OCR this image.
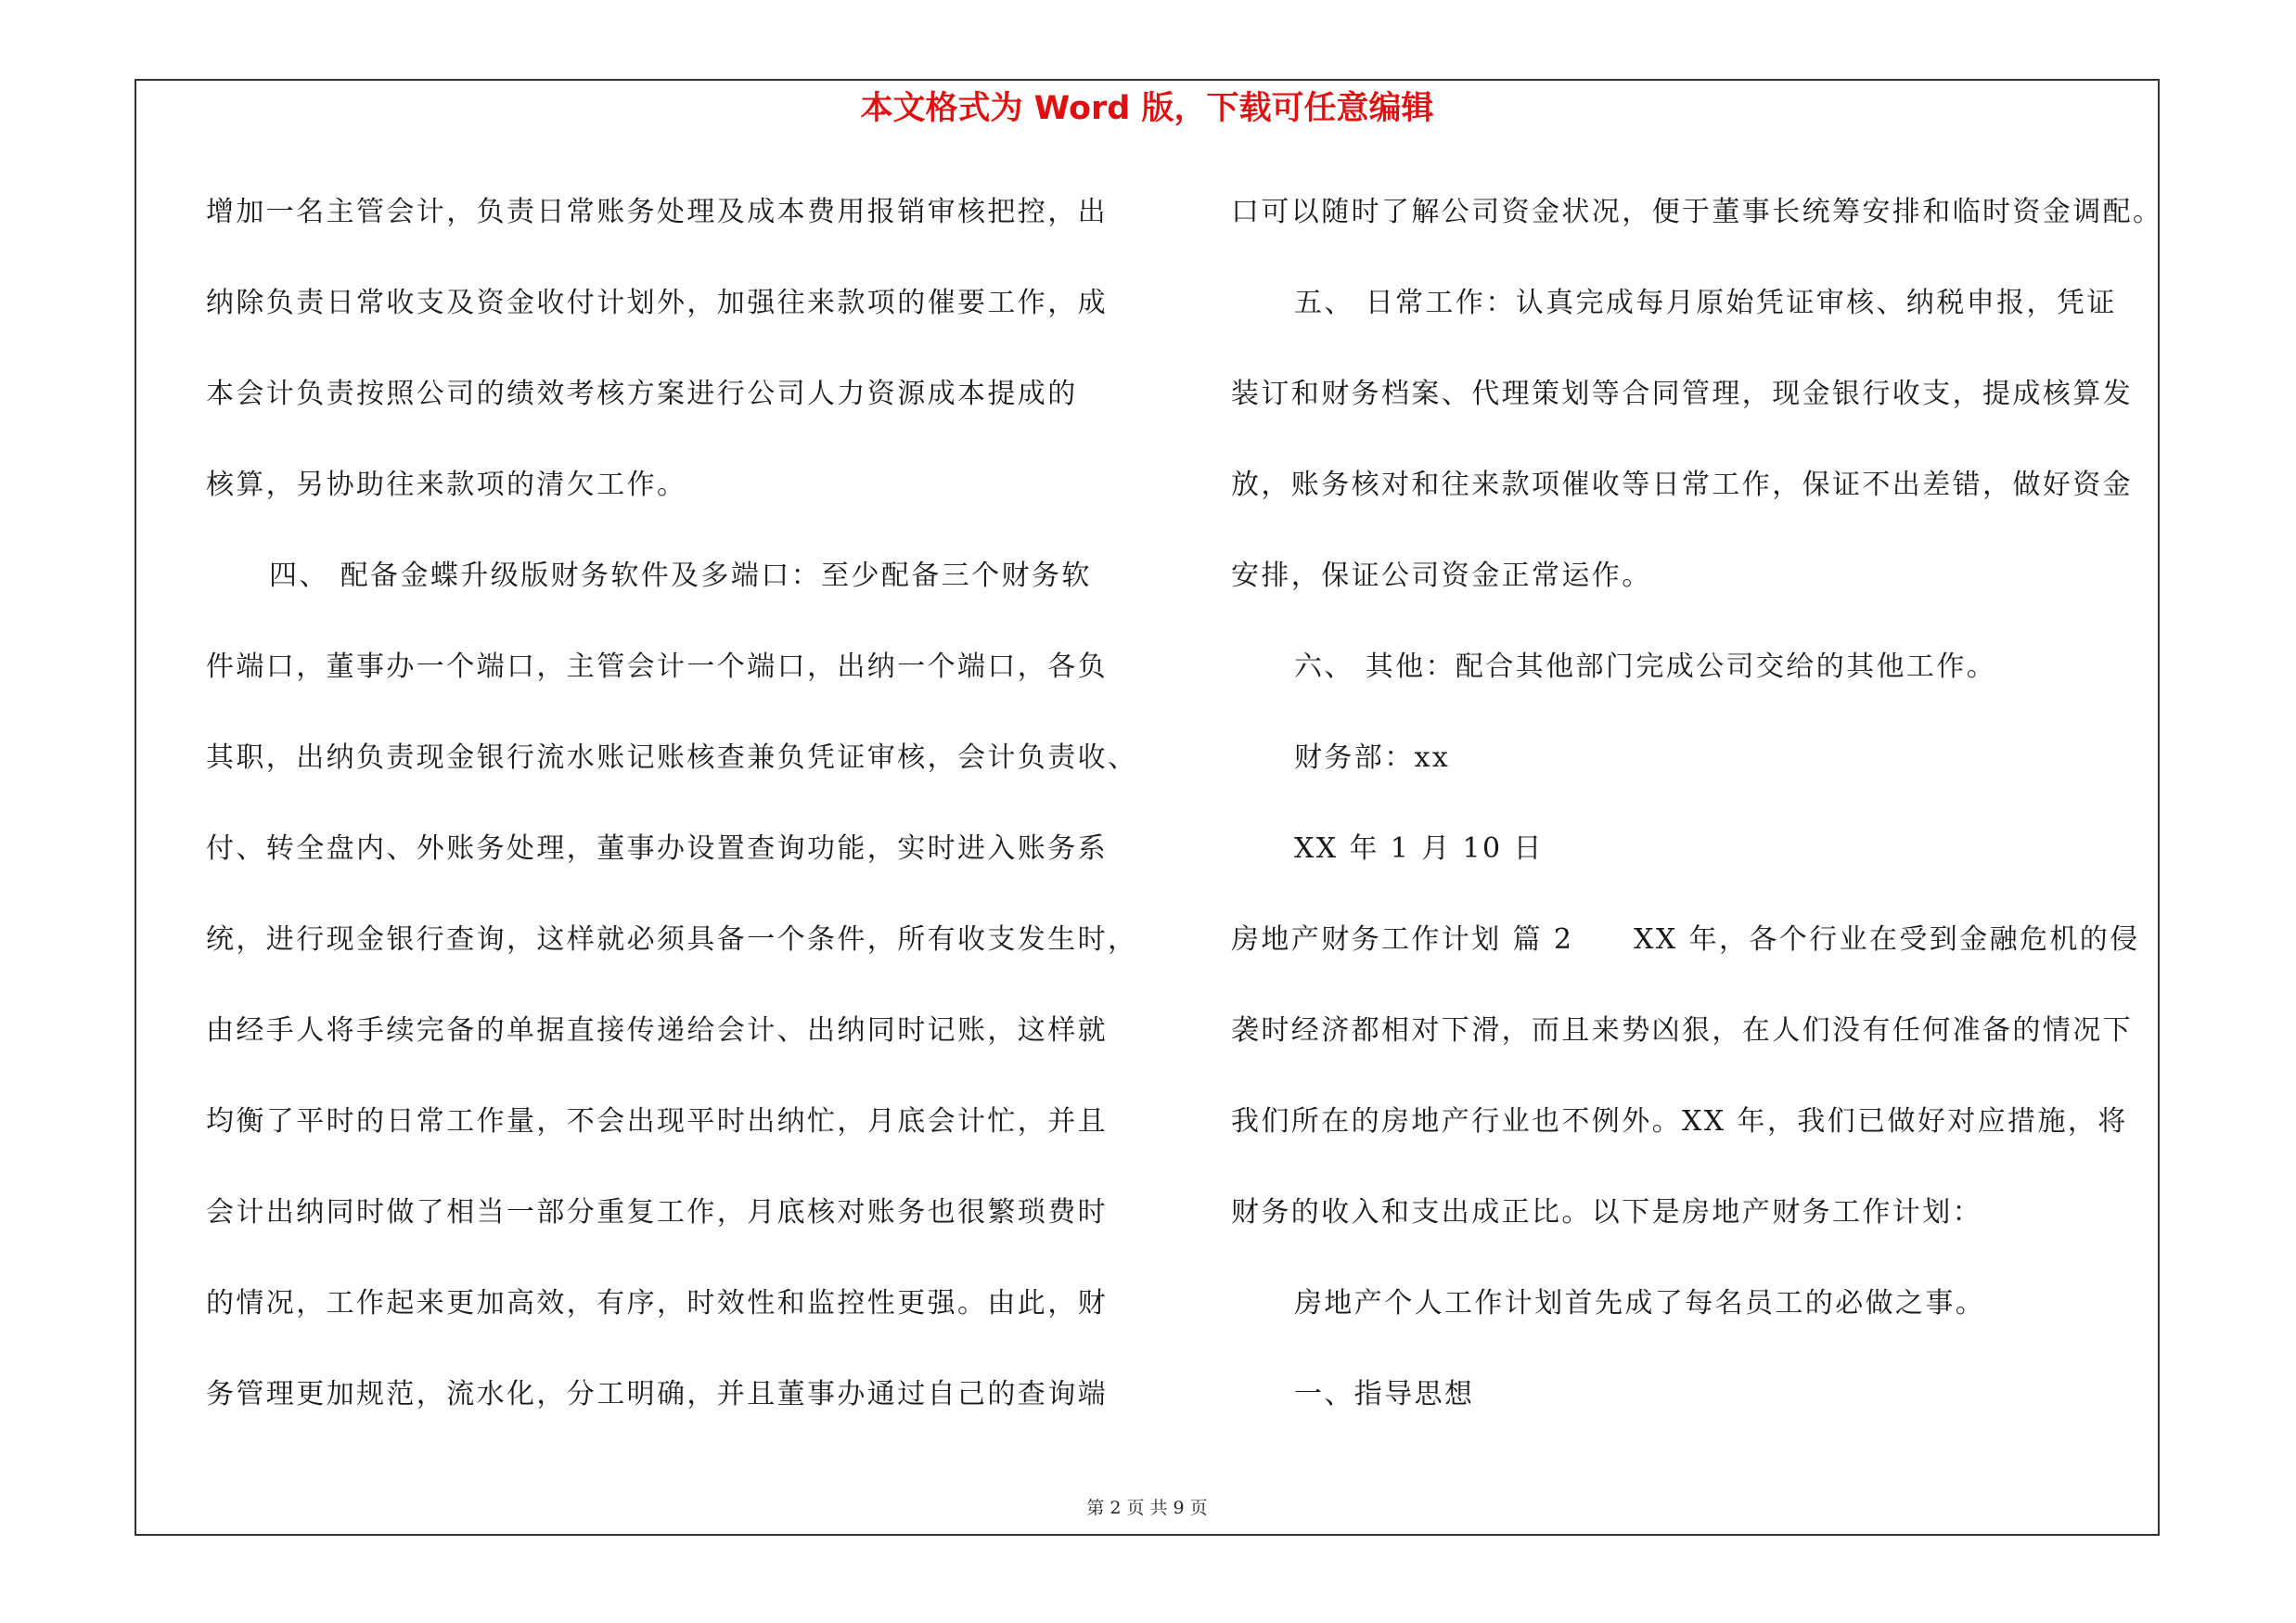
本文格式为 Word 版，下载可任意编辑
增加一名主管会计，负责日常账务处理及成本费用报销审核把控，出
纳除负责日常收支及资金收付计划外，加强往来款项的催要工作，成
本会计负责按照公司的绩效考核方案进行公司人力资源成本提成的
核算，另协助往来款项的清欠工作。
四、 配备金蝶升级版财务软件及多端口：至少配备三个财务软
件端口，董事办一个端口，主管会计一个端口，出纳一个端口，各负
其职，出纳负责现金银行流水账记账核查兼负凭证审核，会计负责收、
付、转全盘内、外账务处理，董事办设置查询功能，实时进入账务系
统，进行现金银行查询，这样就必须具备一个条件，所有收支发生时，
由经手人将手续完备的单据直接传递给会计、出纳同时记账，这样就
均衡了平时的日常工作量，不会出现平时出纳忙，月底会计忙，并且
会计出纳同时做了相当一部分重复工作，月底核对账务也很繁琐费时
的情况，工作起来更加高效，有序，时效性和监控性更强。由此，财
务管理更加规范，流水化，分工明确，并且董事办通过自己的查询端
口可以随时了解公司资金状况，便于董事长统筹安排和临时资金调配。
五、 日常工作：认真完成每月原始凭证审核、纳税申报，凭证
装订和财务档案、代理策划等合同管理，现金银行收支，提成核算发
放，账务核对和往来款项催收等日常工作，保证不出差错，做好资金
安排，保证公司资金正常运作。
六、 其他：配合其他部门完成公司交给的其他工作。
财务部：xx
XX 年 1 月 10 日
房地产财务工作计划 篇 2　　XX 年，各个行业在受到金融危机的侵
袭时经济都相对下滑，而且来势凶狠，在人们没有任何准备的情况下
我们所在的房地产行业也不例外。XX 年，我们已做好对应措施，将
财务的收入和支出成正比。以下是房地产财务工作计划：
房地产个人工作计划首先成了每名员工的必做之事。
一、指导思想
第 2 页 共 9 页
